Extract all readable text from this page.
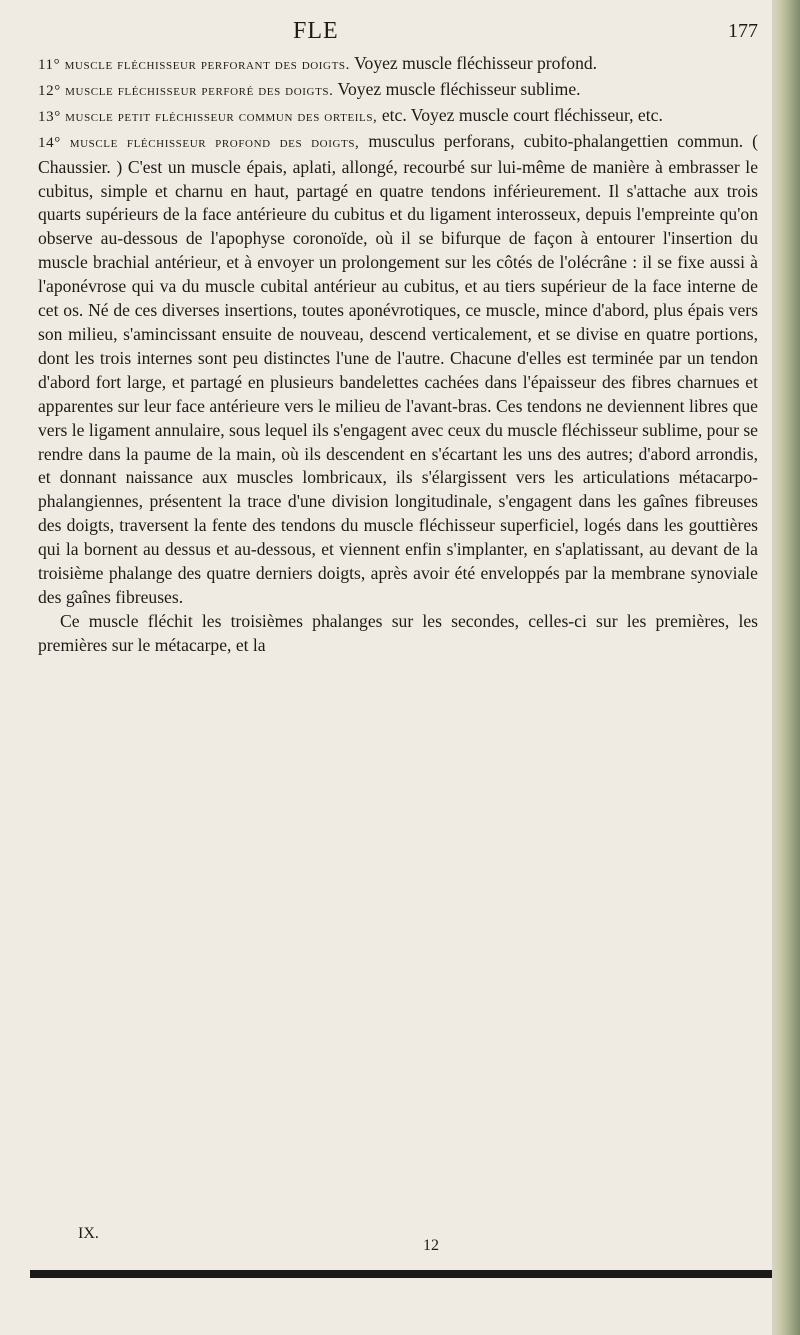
FLE	177

11° muscle fléchisseur perforant des doigts. Voyez muscle fléchisseur profond.

12° muscle fléchisseur perforé des doigts. Voyez muscle fléchisseur sublime.

13° muscle petit fléchisseur commun des orteils, etc. Voyez muscle court fléchisseur, etc.

14° muscle fléchisseur profond des doigts, musculus perforans, cubito-phalangettien commun. ( Chaussier. ) C'est un muscle épais, aplati, allongé, recourbé sur lui-même de manière à embrasser le cubitus, simple et charnu en haut, partagé en quatre tendons inférieurement. Il s'attache aux trois quarts supérieurs de la face antérieure du cubitus et du ligament interosseux, depuis l'empreinte qu'on observe au-dessous de l'apophyse coronoïde, où il se bifurque de façon à entourer l'insertion du muscle brachial antérieur, et à envoyer un prolongement sur les côtés de l'olécrâne : il se fixe aussi à l'aponévrose qui va du muscle cubital antérieur au cubitus, et au tiers supérieur de la face interne de cet os. Né de ces diverses insertions, toutes aponévrotiques, ce muscle, mince d'abord, plus épais vers son milieu, s'amincissant ensuite de nouveau, descend verticalement, et se divise en quatre portions, dont les trois internes sont peu distinctes l'une de l'autre. Chacune d'elles est terminée par un tendon d'abord fort large, et partagé en plusieurs bandelettes cachées dans l'épaisseur des fibres charnues et apparentes sur leur face antérieure vers le milieu de l'avant-bras. Ces tendons ne deviennent libres que vers le ligament annulaire, sous lequel ils s'engagent avec ceux du muscle fléchisseur sublime, pour se rendre dans la paume de la main, où ils descendent en s'écartant les uns des autres; d'abord arrondis, et donnant naissance aux muscles lombricaux, ils s'élargissent vers les articulations métacarpo-phalangiennes, présentent la trace d'une division longitudinale, s'engagent dans les gaînes fibreuses des doigts, traversent la fente des tendons du muscle fléchisseur superficiel, logés dans les gouttières qui la bornent au dessus et au-dessous, et viennent enfin s'implanter, en s'aplatissant, au devant de la troisième phalange des quatre derniers doigts, après avoir été enveloppés par la membrane synoviale des gaînes fibreuses.

Ce muscle fléchit les troisièmes phalanges sur les secondes, celles-ci sur les premières, les premières sur le métacarpe, et la

IX.
12
